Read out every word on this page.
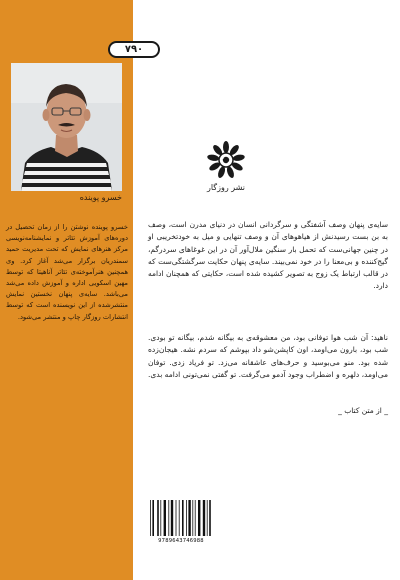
خسرو پوینده

خسرو پوینده نوشتن را از زمان تحصیل در دوره‌های آموزش تئاتر و نمایشنامه‌نویسی مرکز هنرهای نمایش که تحت مدیریت حمید سمندریان برگزار می‌شد آغاز کرد. وی همچنین هنرآموخته‌ی تئاتر آناهیتا که توسط مهین اسکویی اداره و آموزش داده می‌شد می‌باشد. سایه‌ی پنهان نخستین نمایش منتشرشده از این نویسنده است که توسط انتشارات روزگار چاپ و منتشر می‌شود.

۷۹۰
نشر روزگار

سایه‌ی پنهان وصف آشفتگی و سرگردانی انسان در دنیای مدرن است، وصف به بن بست رسیدنش از هیاهوهای آن و وصف تنهایی و میل به خودتخریبی او در چنین جهانی‌ست که تحمل بار سنگین ملال‌آور آن در این غوغاهای سردرگم، گیج‌کننده و بی‌معنا را در خود نمی‌بیند. سایه‌ی پنهان حکایت سرگشتگی‌ست که در قالب ارتباط یک زوج به تصویر کشیده شده است، حکایتی که همچنان ادامه دارد.

ناهید: آن شب هوا توفانی بود، من معشوقه‌ی به بیگانه شدم، بیگانه تو بودی. شب بود، بارون می‌اومد، اون کاپشن‌شو داد بپوشم که سردم نشه. هیجان‌زده شده بود. منو می‌بوسید و حرف‌های عاشقانه می‌زد. تو فریاد زدی. توفان می‌اومد، دلهره و اضطراب وجود آدمو می‌گرفت. تو گفتی نمی‌تونی ادامه بدی.

_ از متن کتاب _
9789643746988
